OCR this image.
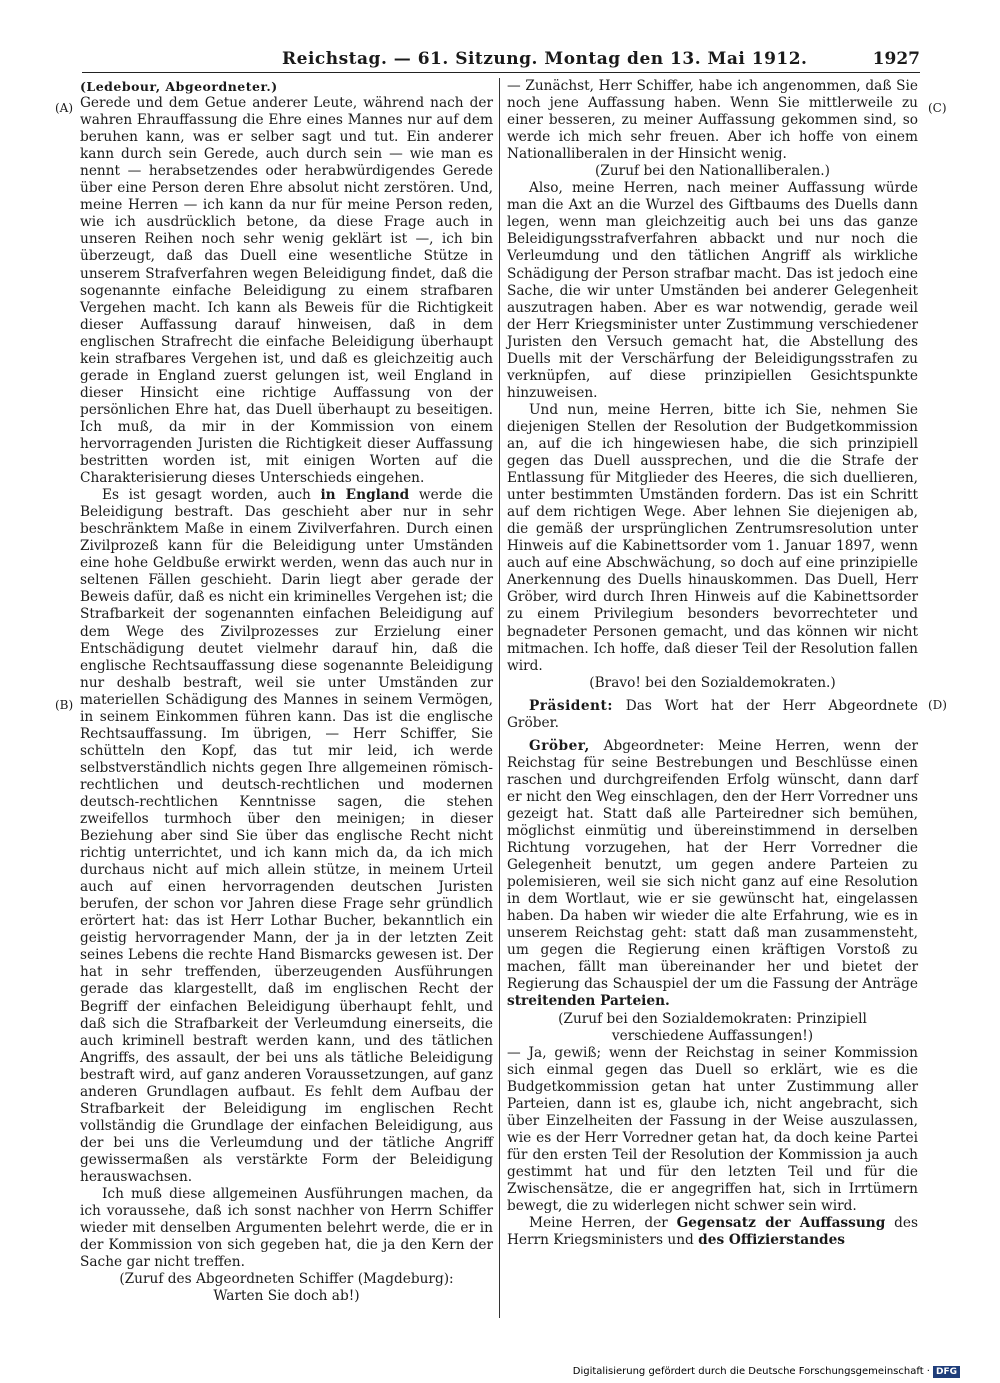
Reichstag. — 61. Sitzung. Montag den 13. Mai 1912.	1927
(A)
(B)
(C)
(D)

(Ledebour, Abgeordneter.)

Gerede und dem Getue anderer Leute, während nach der wahren Ehrauffassung die Ehre eines Mannes nur auf dem beruhen kann, was er selber sagt und tut. Ein anderer kann durch sein Gerede, auch durch sein — wie man es nennt — herabsetzendes oder herabwürdigendes Gerede über eine Person deren Ehre absolut nicht zerstören. Und, meine Herren — ich kann da nur für meine Person reden, wie ich ausdrücklich betone, da diese Frage auch in unseren Reihen noch sehr wenig geklärt ist —, ich bin überzeugt, daß das Duell eine wesentliche Stütze in unserem Strafverfahren wegen Beleidigung findet, daß die sogenannte einfache Beleidigung zu einem strafbaren Vergehen macht. Ich kann als Beweis für die Richtigkeit dieser Auffassung darauf hinweisen, daß in dem englischen Strafrecht die einfache Beleidigung überhaupt kein strafbares Vergehen ist, und daß es gleichzeitig auch gerade in England zuerst gelungen ist, weil England in dieser Hinsicht eine richtige Auffassung von der persönlichen Ehre hat, das Duell überhaupt zu beseitigen. Ich muß, da mir in der Kommission von einem hervorragenden Juristen die Richtigkeit dieser Auffassung bestritten worden ist, mit einigen Worten auf die Charakterisierung dieses Unterschieds eingehen.

Es ist gesagt worden, auch in England werde die Beleidigung bestraft. Das geschieht aber nur in sehr beschränktem Maße in einem Zivilverfahren. Durch einen Zivilprozeß kann für die Beleidigung unter Umständen eine hohe Geldbuße erwirkt werden, wenn das auch nur in seltenen Fällen geschieht. Darin liegt aber gerade der Beweis dafür, daß es nicht ein kriminelles Vergehen ist; die Strafbarkeit der sogenannten einfachen Beleidigung auf dem Wege des Zivilprozesses zur Erzielung einer Entschädigung deutet vielmehr darauf hin, daß die englische Rechtsauffassung diese sogenannte Beleidigung nur deshalb bestraft, weil sie unter Umständen zur materiellen Schädigung des Mannes in seinem Vermögen, in seinem Einkommen führen kann. Das ist die englische Rechtsauffassung. Im übrigen, — Herr Schiffer, Sie schütteln den Kopf, das tut mir leid, ich werde selbstverständlich nichts gegen Ihre allgemeinen römisch-rechtlichen und deutsch-rechtlichen und modernen deutsch-rechtlichen Kenntnisse sagen, die stehen zweifellos turmhoch über den meinigen; in dieser Beziehung aber sind Sie über das englische Recht nicht richtig unterrichtet, und ich kann mich da, da ich mich durchaus nicht auf mich allein stütze, in meinem Urteil auch auf einen hervorragenden deutschen Juristen berufen, der schon vor Jahren diese Frage sehr gründlich erörtert hat: das ist Herr Lothar Bucher, bekanntlich ein geistig hervorragender Mann, der ja in der letzten Zeit seines Lebens die rechte Hand Bismarcks gewesen ist. Der hat in sehr treffenden, überzeugenden Ausführungen gerade das klargestellt, daß im englischen Recht der Begriff der einfachen Beleidigung überhaupt fehlt, und daß sich die Strafbarkeit der Verleumdung einerseits, die auch kriminell bestraft werden kann, und des tätlichen Angriffs, des assault, der bei uns als tätliche Beleidigung bestraft wird, auf ganz anderen Voraussetzungen, auf ganz anderen Grundlagen aufbaut. Es fehlt dem Aufbau der Strafbarkeit der Beleidigung im englischen Recht vollständig die Grundlage der einfachen Beleidigung, aus der bei uns die Verleumdung und der tätliche Angriff gewissermaßen als verstärkte Form der Beleidigung herauswachsen.

Ich muß diese allgemeinen Ausführungen machen, da ich voraussehe, daß ich sonst nachher von Herrn Schiffer wieder mit denselben Argumenten belehrt werde, die er in der Kommission von sich gegeben hat, die ja den Kern der Sache gar nicht treffen.

(Zuruf des Abgeordneten Schiffer (Magdeburg):

Warten Sie doch ab!)

— Zunächst, Herr Schiffer, habe ich angenommen, daß Sie noch jene Auffassung haben. Wenn Sie mittlerweile zu einer besseren, zu meiner Auffassung gekommen sind, so werde ich mich sehr freuen. Aber ich hoffe von einem Nationalliberalen in der Hinsicht wenig.

(Zuruf bei den Nationalliberalen.)

Also, meine Herren, nach meiner Auffassung würde man die Axt an die Wurzel des Giftbaums des Duells dann legen, wenn man gleichzeitig auch bei uns das ganze Beleidigungsstrafverfahren abbackt und nur noch die Verleumdung und den tätlichen Angriff als wirkliche Schädigung der Person strafbar macht. Das ist jedoch eine Sache, die wir unter Umständen bei anderer Gelegenheit auszutragen haben. Aber es war notwendig, gerade weil der Herr Kriegsminister unter Zustimmung verschiedener Juristen den Versuch gemacht hat, die Abstellung des Duells mit der Verschärfung der Beleidigungsstrafen zu verknüpfen, auf diese prinzipiellen Gesichtspunkte hinzuweisen.

Und nun, meine Herren, bitte ich Sie, nehmen Sie diejenigen Stellen der Resolution der Budgetkommission an, auf die ich hingewiesen habe, die sich prinzipiell gegen das Duell aussprechen, und die die Strafe der Entlassung für Mitglieder des Heeres, die sich duellieren, unter bestimmten Umständen fordern. Das ist ein Schritt auf dem richtigen Wege. Aber lehnen Sie diejenigen ab, die gemäß der ursprünglichen Zentrumsresolution unter Hinweis auf die Kabinettsorder vom 1. Januar 1897, wenn auch auf eine Abschwächung, so doch auf eine prinzipielle Anerkennung des Duells hinauskommen. Das Duell, Herr Gröber, wird durch Ihren Hinweis auf die Kabinettsorder zu einem Privilegium besonders bevorrechteter und begnadeter Personen gemacht, und das können wir nicht mitmachen. Ich hoffe, daß dieser Teil der Resolution fallen wird.

(Bravo! bei den Sozialdemokraten.)

Präsident: Das Wort hat der Herr Abgeordnete Gröber.

Gröber, Abgeordneter: Meine Herren, wenn der Reichstag für seine Bestrebungen und Beschlüsse einen raschen und durchgreifenden Erfolg wünscht, dann darf er nicht den Weg einschlagen, den der Herr Vorredner uns gezeigt hat. Statt daß alle Parteiredner sich bemühen, möglichst einmütig und übereinstimmend in derselben Richtung vorzugehen, hat der Herr Vorredner die Gelegenheit benutzt, um gegen andere Parteien zu polemisieren, weil sie sich nicht ganz auf eine Resolution in dem Wortlaut, wie er sie gewünscht hat, eingelassen haben. Da haben wir wieder die alte Erfahrung, wie es in unserem Reichstag geht: statt daß man zusammensteht, um gegen die Regierung einen kräftigen Vorstoß zu machen, fällt man übereinander her und bietet der Regierung das Schauspiel der um die Fassung der Anträge streitenden Parteien.

(Zuruf bei den Sozialdemokraten: Prinzipiell

verschiedene Auffassungen!)

— Ja, gewiß; wenn der Reichstag in seiner Kommission sich einmal gegen das Duell so erklärt, wie es die Budgetkommission getan hat unter Zustimmung aller Parteien, dann ist es, glaube ich, nicht angebracht, sich über Einzelheiten der Fassung in der Weise auszulassen, wie es der Herr Vorredner getan hat, da doch keine Partei für den ersten Teil der Resolution der Kommission ja auch gestimmt hat und für den letzten Teil und für die Zwischensätze, die er angegriffen hat, sich in Irrtümern bewegt, die zu widerlegen nicht schwer sein wird.

Meine Herren, der Gegensatz der Auffassung des Herrn Kriegsministers und des Offizierstandes

Digitalisierung gefördert durch die Deutsche Forschungsgemeinschaft · DFG
